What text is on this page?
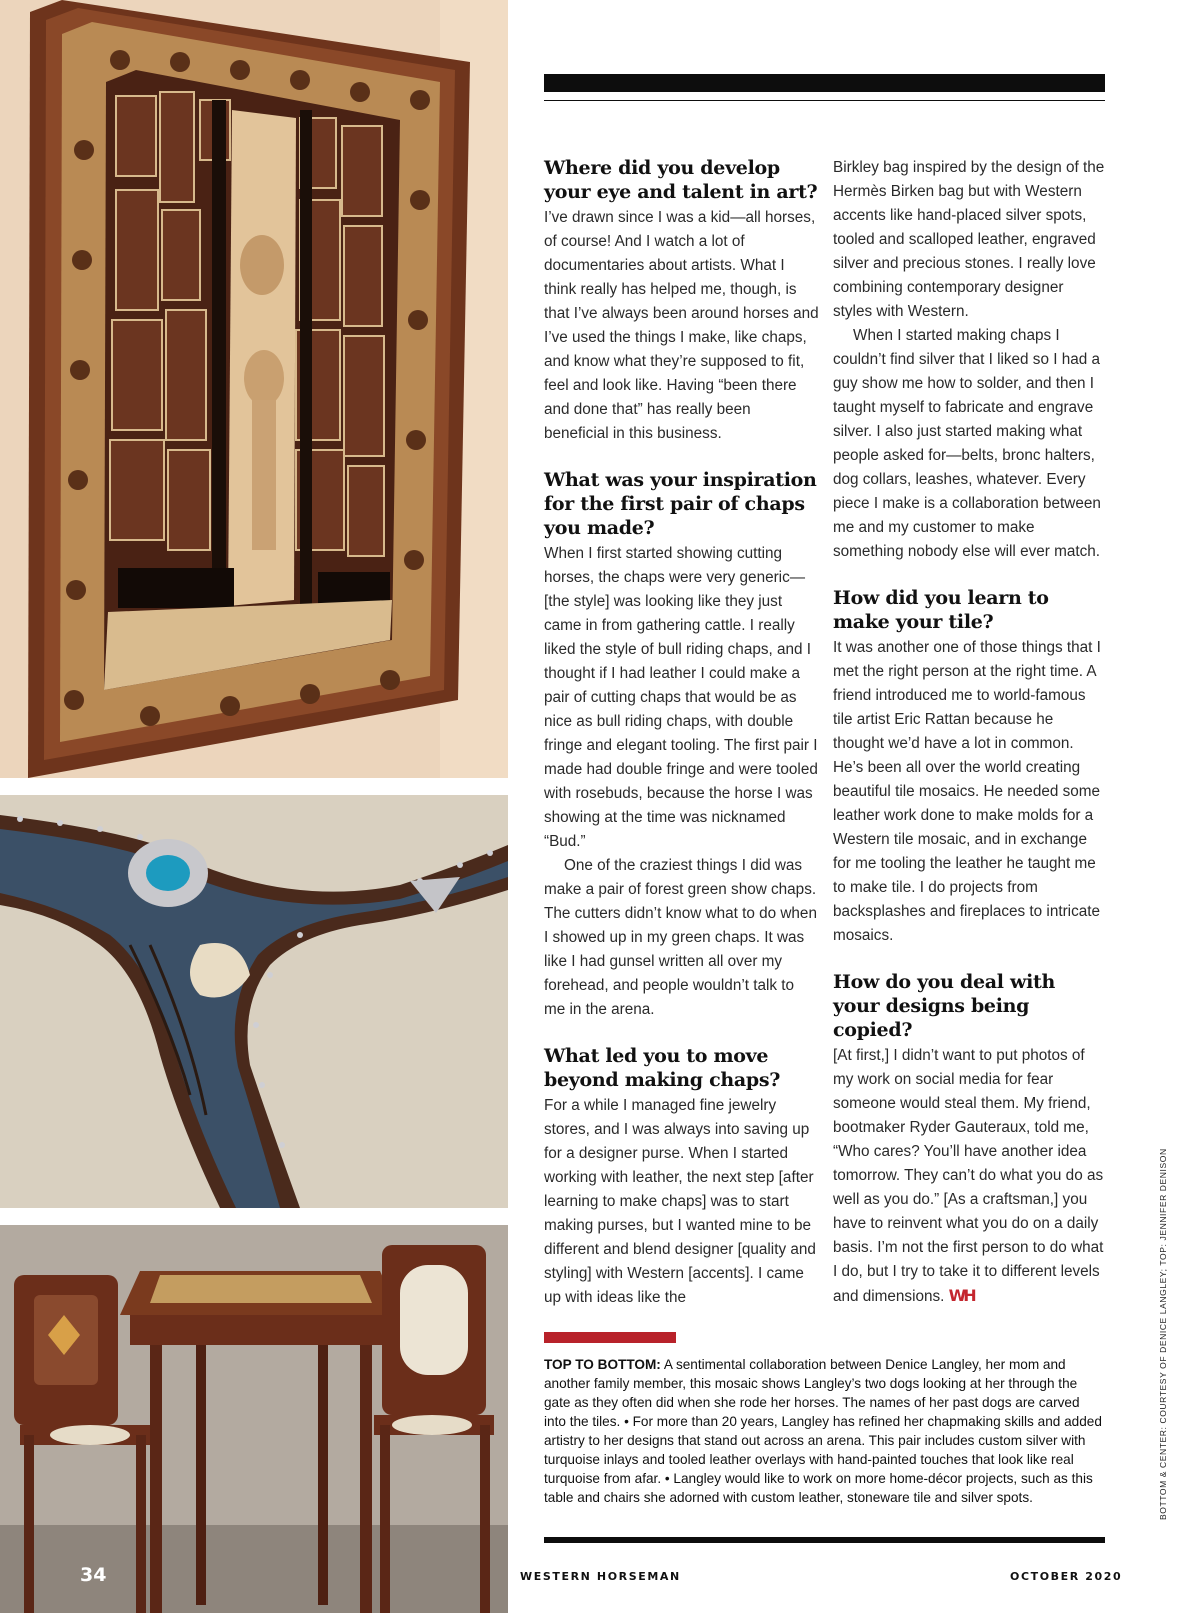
Where did you develop your eye and talent in art?

I’ve drawn since I was a kid—all horses, of course! And I watch a lot of documentaries about artists. What I think really has helped me, though, is that I’ve always been around horses and I’ve used the things I make, like chaps, and know what they’re supposed to fit, feel and look like. Having “been there and done that” has really been beneficial in this business.

What was your inspiration for the first pair of chaps you made?

When I first started showing cutting horses, the chaps were very generic—[the style] was looking like they just came in from gathering cattle. I really liked the style of bull riding chaps, and I thought if I had leather I could make a pair of cutting chaps that would be as nice as bull riding chaps, with double fringe and elegant tooling. The first pair I made had double fringe and were tooled with rosebuds, because the horse I was showing at the time was nicknamed “Bud.”

One of the craziest things I did was make a pair of forest green show chaps. The cutters didn’t know what to do when I showed up in my green chaps. It was like I had gunsel written all over my forehead, and people wouldn’t talk to me in the arena.

What led you to move beyond making chaps?

For a while I managed fine jewelry stores, and I was always into saving up for a designer purse. When I started working with leather, the next step [after learning to make chaps] was to start making purses, but I wanted mine to be different and blend designer [quality and styling] with Western [accents]. I came up with ideas like the

Birkley bag inspired by the design of the Hermès Birken bag but with Western accents like hand-placed silver spots, tooled and scalloped leather, engraved silver and precious stones. I really love combining contemporary designer styles with Western.

When I started making chaps I couldn’t find silver that I liked so I had a guy show me how to solder, and then I taught myself to fabricate and engrave silver. I also just started making what people asked for—belts, bronc halters, dog collars, leashes, whatever. Every piece I make is a collaboration between me and my customer to make something nobody else will ever match.

How did you learn to make your tile?

It was another one of those things that I met the right person at the right time. A friend introduced me to world-famous tile artist Eric Rattan because he thought we’d have a lot in common. He’s been all over the world creating beautiful tile mosaics. He needed some leather work done to make molds for a Western tile mosaic, and in exchange for me tooling the leather he taught me to make tile. I do projects from backsplashes and fireplaces to intricate mosaics.

How do you deal with your designs being copied?

[At first,] I didn’t want to put photos of my work on social media for fear someone would steal them. My friend, bootmaker Ryder Gauteraux, told me, “Who cares? You’ll have another idea tomorrow. They can’t do what you do as well as you do.” [As a craftsman,] you have to reinvent what you do on a daily basis. I’m not the first person to do what I do, but I try to take it to different levels and dimensions. WH

TOP TO BOTTOM: A sentimental collaboration between Denice Langley, her mom and another family member, this mosaic shows Langley’s two dogs looking at her through the gate as they often did when she rode her horses. The names of her past dogs are carved into the tiles. • For more than 20 years, Langley has refined her chapmaking skills and added artistry to her designs that stand out across an arena. This pair includes custom silver with turquoise inlays and tooled leather overlays with hand-painted touches that look like real turquoise from afar. • Langley would like to work on more home-décor projects, such as this table and chairs she adorned with custom leather, stoneware tile and silver spots.	BOTTOM & CENTER: COURTESY OF DENICE LANGLEY; TOP: JENNIFER DENISON
34	WESTERN HORSEMAN	OCTOBER 2020
